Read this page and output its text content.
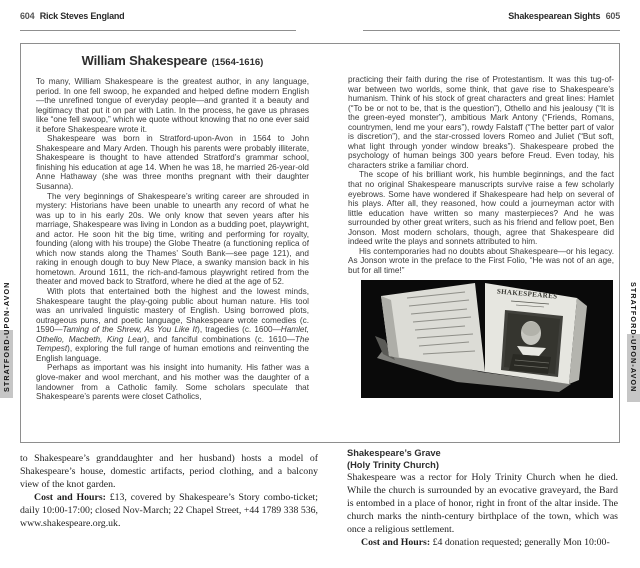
604 Rick Steves England	Shakespearean Sights 605
William Shakespeare (1564-1616)

To many, William Shakespeare is the greatest author, in any language, period. In one fell swoop, he expanded and helped define modern English—the unrefined tongue of everyday people—and granted it a beauty and legitimacy that put it on par with Latin. In the process, he gave us phrases like “one fell swoop,” which we quote without knowing that no one ever said it before Shakespeare wrote it.

Shakespeare was born in Stratford-upon-Avon in 1564 to John Shakespeare and Mary Arden. Though his parents were probably illiterate, Shakespeare is thought to have attended Stratford’s grammar school, finishing his education at age 14. When he was 18, he married 26-year-old Anne Hathaway (she was three months pregnant with their daughter Susanna).

The very beginnings of Shakespeare’s writing career are shrouded in mystery: Historians have been unable to unearth any record of what he was up to in his early 20s. We only know that seven years after his marriage, Shakespeare was living in London as a budding poet, playwright, and actor. He soon hit the big time, writing and performing for royalty, founding (along with his troupe) the Globe Theatre (a functioning replica of which now stands along the Thames’ South Bank—see page 121), and raking in enough dough to buy New Place, a swanky mansion back in his hometown. Around 1611, the rich-and-famous playwright retired from the theater and moved back to Stratford, where he died at the age of 52.

With plots that entertained both the highest and the lowest minds, Shakespeare taught the play-going public about human nature. His tool was an unrivaled linguistic mastery of English. Using borrowed plots, outrageous puns, and poetic language, Shakespeare wrote comedies (c. 1590—Taming of the Shrew, As You Like It), tragedies (c. 1600—Hamlet, Othello, Macbeth, King Lear), and fanciful combinations (c. 1610—The Tempest), exploring the full range of human emotions and reinventing the English language.

Perhaps as important was his insight into humanity. His father was a glove-maker and wool merchant, and his mother was the daughter of a landowner from a Catholic family. Some scholars speculate that Shakespeare’s parents were closet Catholics,

practicing their faith during the rise of Protestantism. It was this tug-of-war between two worlds, some think, that gave rise to Shakespeare’s humanism. Think of his stock of great characters and great lines: Hamlet (“To be or not to be, that is the question”), Othello and his jealousy (“It is the green-eyed monster”), ambitious Mark Antony (“Friends, Romans, countrymen, lend me your ears”), rowdy Falstaff (“The better part of valor is discretion”), and the star-crossed lovers Romeo and Juliet (“But soft, what light through yonder window breaks”). Shakespeare probed the psychology of human beings 300 years before Freud. Even today, his characters strike a familiar chord.

The scope of his brilliant work, his humble beginnings, and the fact that no original Shakespeare manuscripts survive raise a few scholarly eyebrows. Some have wondered if Shakespeare had help on several of his plays. After all, they reasoned, how could a journeyman actor with little education have written so many masterpieces? And he was surrounded by other great writers, such as his friend and fellow poet, Ben Jonson. Most modern scholars, though, agree that Shakespeare did indeed write the plays and sonnets attributed to him.

His contemporaries had no doubts about Shakespeare—or his legacy. As Jonson wrote in the preface to the First Folio, “He was not of an age, but for all time!”

SHAKESPEARES

to Shakespeare’s granddaughter and her husband) hosts a model of Shakespeare’s house, domestic artifacts, period clothing, and a balcony view of the knot garden.

Cost and Hours: £13, covered by Shakespeare’s Story combo-ticket; daily 10:00-17:00; closed Nov-March; 22 Chapel Street, +44 1789 338 536, www.shakespeare.org.uk.

Shakespeare’s Grave

(Holy Trinity Church)

Shakespeare was a rector for Holy Trinity Church when he died. While the church is surrounded by an evocative graveyard, the Bard is entombed in a place of honor, right in front of the altar inside. The church marks the ninth-century birthplace of the town, which was once a religious settlement.

Cost and Hours: £4 donation requested; generally Mon 10:00-

STRATFORD-UPON-AVON	STRATFORD-UPON-AVON
